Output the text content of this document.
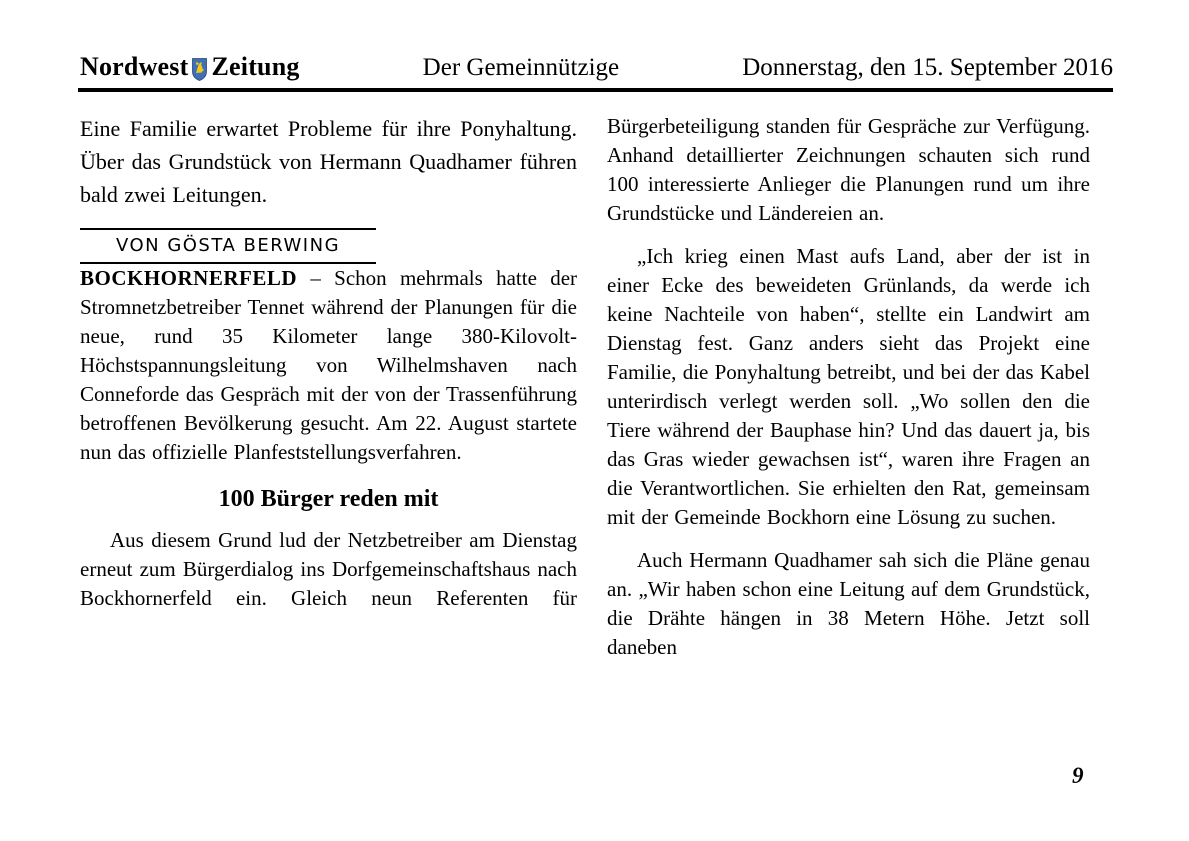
Nordwest Zeitung	Der Gemeinnützige	Donnerstag, den 15. September 2016

Eine Familie erwartet Probleme für ihre Ponyhaltung. Über das Grundstück von Hermann Quadhamer führen bald zwei Leitungen.

VON GÖSTA BERWING

BOCKHORNERFELD – Schon mehrmals hatte der Stromnetzbetreiber Tennet während der Planungen für die neue, rund 35 Kilometer lange 380-Kilovolt-Höchstspannungsleitung von Wilhelmshaven nach Conneforde das Gespräch mit der von der Trassenführung betroffenen Bevölkerung gesucht. Am 22. August startete nun das offizielle Planfeststellungsverfahren.

100 Bürger reden mit

Aus diesem Grund lud der Netzbetreiber am Dienstag erneut zum Bürgerdialog ins Dorfgemeinschaftshaus nach Bockhornerfeld ein. Gleich neun Referenten für

Bürgerbeteiligung standen für Gespräche zur Verfügung. Anhand detaillierter Zeichnungen schauten sich rund 100 interessierte Anlieger die Planungen rund um ihre Grundstücke und Ländereien an.

„Ich krieg einen Mast aufs Land, aber der ist in einer Ecke des beweideten Grünlands, da werde ich keine Nachteile von haben“, stellte ein Landwirt am Dienstag fest. Ganz anders sieht das Projekt eine Familie, die Ponyhaltung betreibt, und bei der das Kabel unterirdisch verlegt werden soll. „Wo sollen den die Tiere während der Bauphase hin? Und das dauert ja, bis das Gras wieder gewachsen ist“, waren ihre Fragen an die Verantwortlichen. Sie erhielten den Rat, gemeinsam mit der Gemeinde Bockhorn eine Lösung zu suchen.

Auch Hermann Quadhamer sah sich die Pläne genau an. „Wir haben schon eine Leitung auf dem Grundstück, die Drähte hängen in 38 Metern Höhe. Jetzt soll daneben

9
